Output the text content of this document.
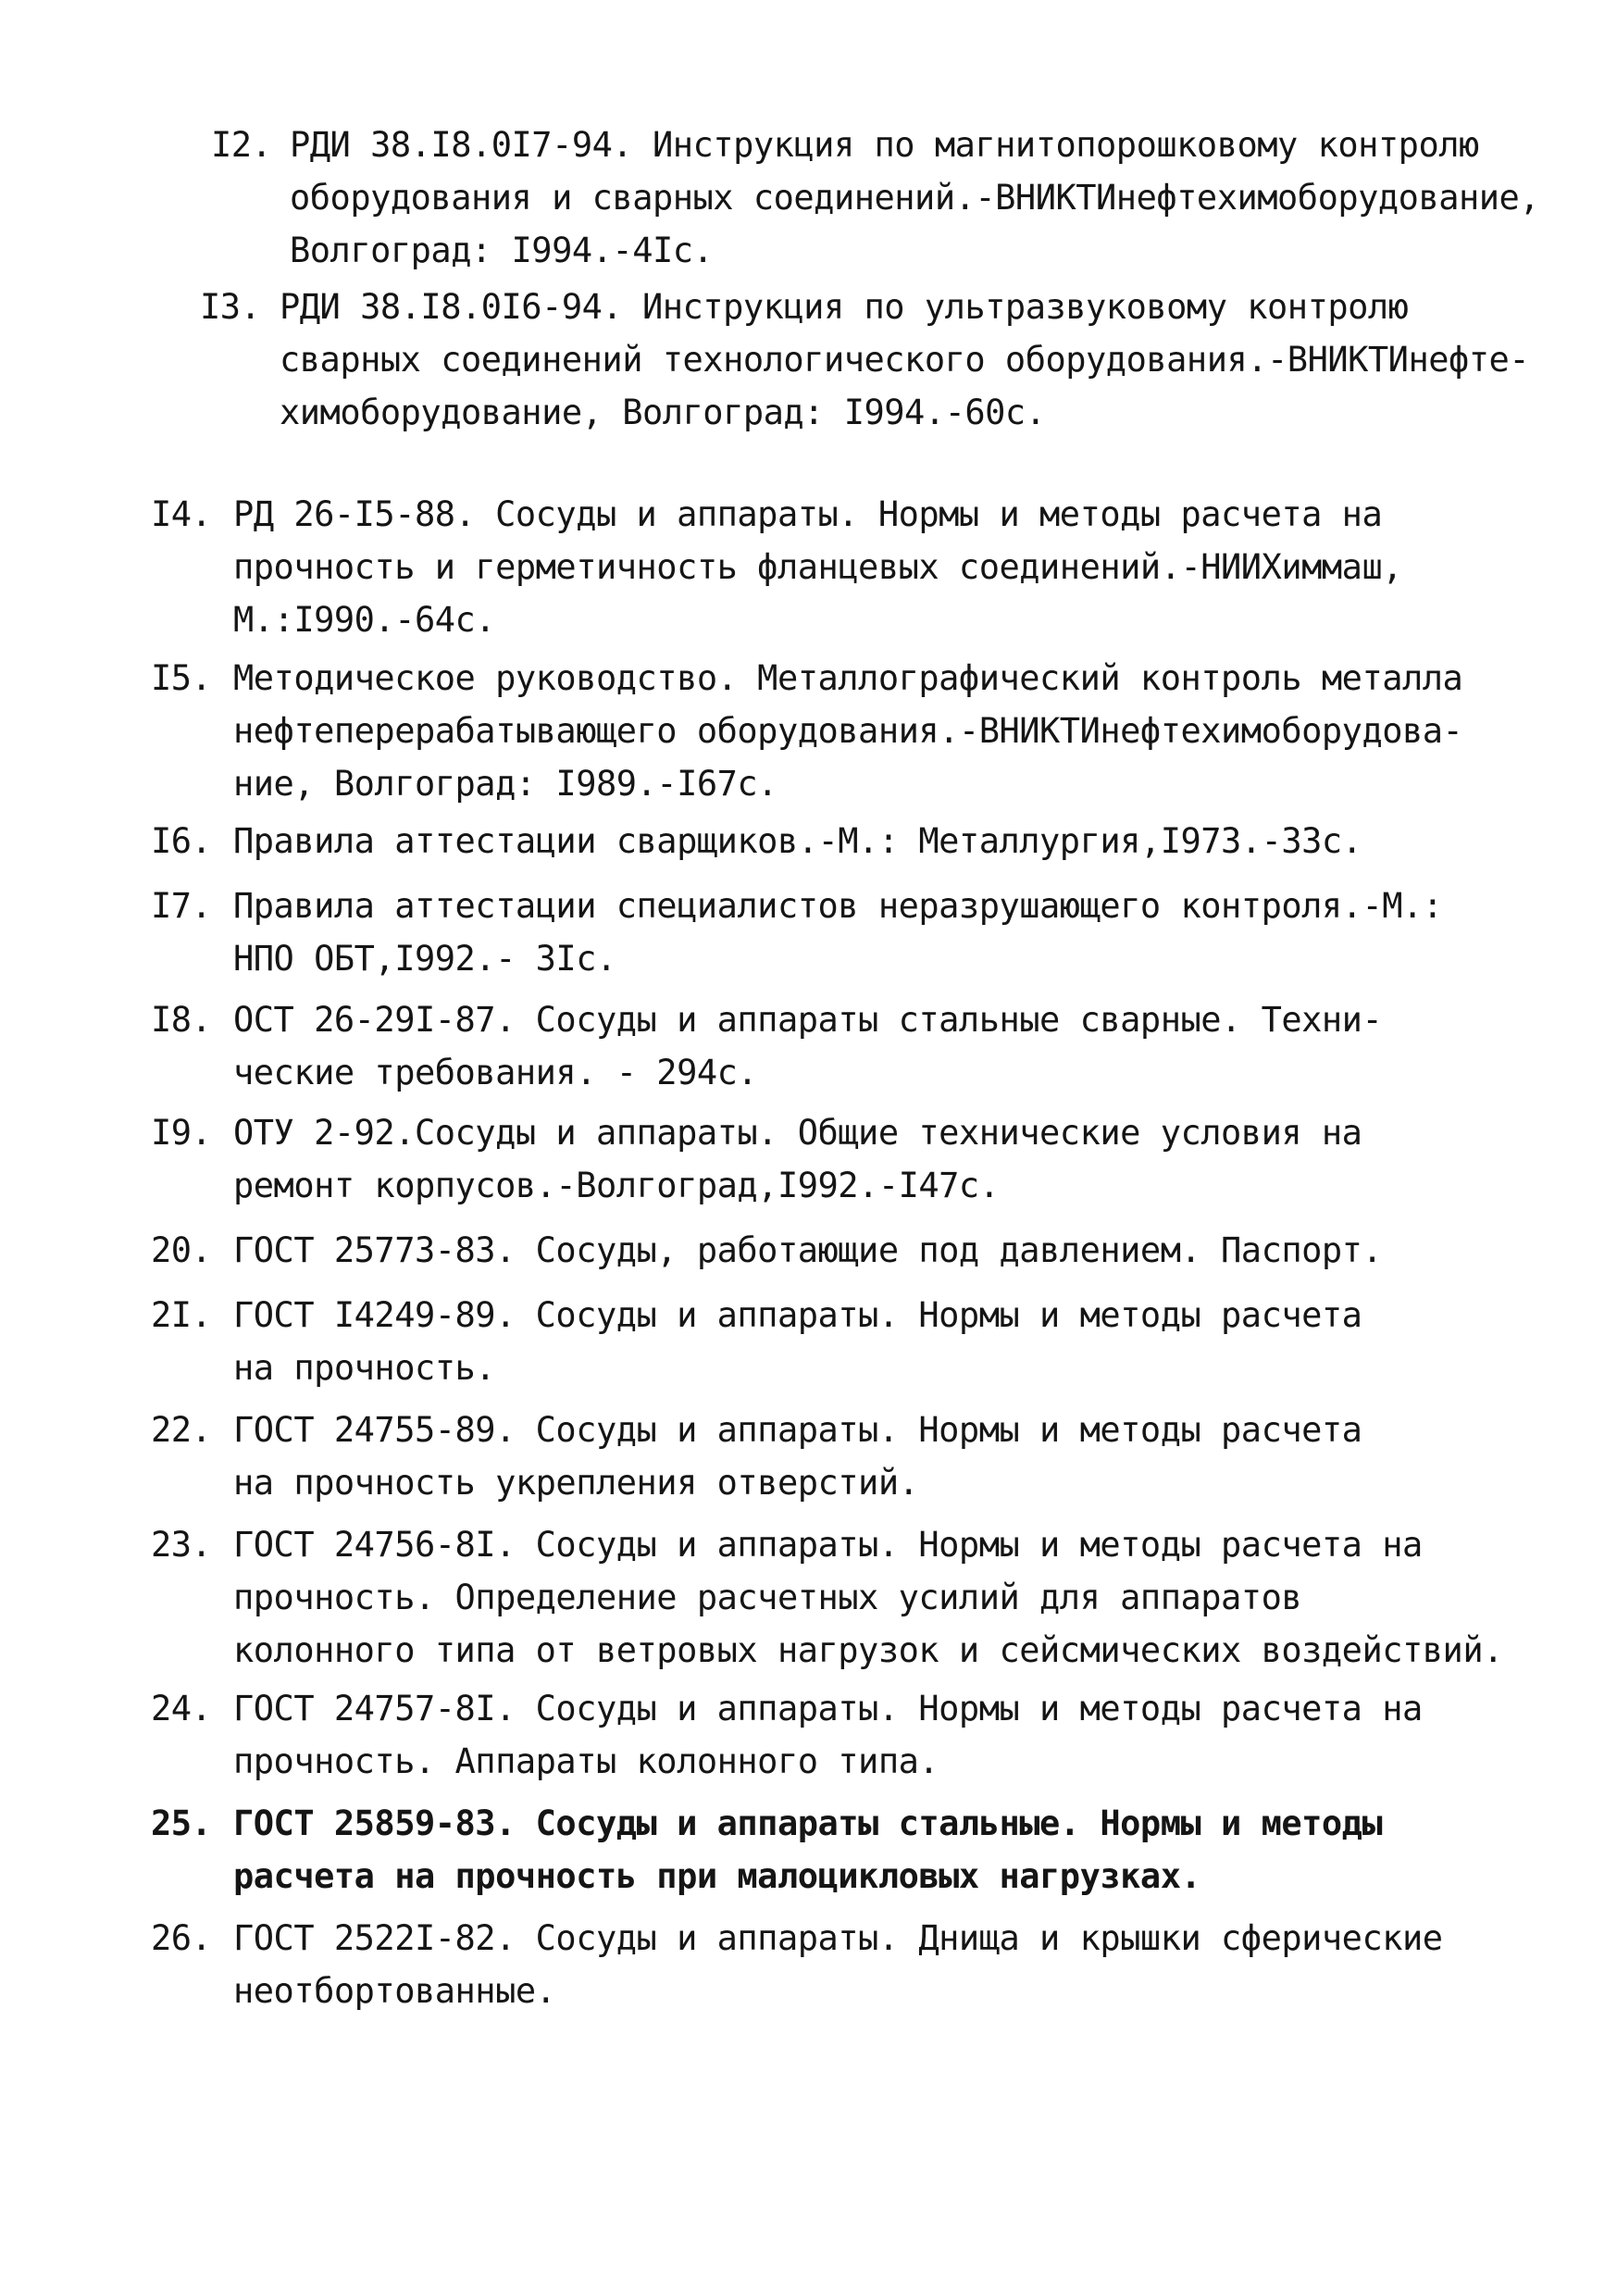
I2. РДИ 38.I8.0I7-94. Инструкция по магнитопорошковому контролю
оборудования и сварных соединений.-ВНИКТИнефтехимоборудование,
Волгоград: I994.-4Iс.
I3. РДИ 38.I8.0I6-94. Инструкция по ультразвуковому контролю
сварных соединений технологического оборудования.-ВНИКТИнефте-
химоборудование, Волгоград: I994.-60с.
I4. РД 26-I5-88. Сосуды и аппараты. Нормы и методы расчета на
прочность и герметичность фланцевых соединений.-НИИХиммаш,
М.:I990.-64с.
I5. Методическое руководство. Металлографический контроль металла
нефтеперерабатывающего оборудования.-ВНИКТИнефтехимоборудова-
ние, Волгоград: I989.-I67с.
I6. Правила аттестации сварщиков.-М.: Металлургия,I973.-33с.
I7. Правила аттестации специалистов неразрушающего контроля.-М.:
НПО ОБТ,I992.- 3Iс.
I8. ОСТ 26-29I-87. Сосуды и аппараты стальные сварные. Техни-
ческие требования. - 294с.
I9. ОТУ 2-92.Сосуды и аппараты. Общие технические условия на
ремонт корпусов.-Волгоград,I992.-I47с.
20. ГОСТ 25773-83. Сосуды, работающие под давлением. Паспорт.
2I. ГОСТ I4249-89. Сосуды и аппараты. Нормы и методы расчета
на прочность.
22. ГОСТ 24755-89. Сосуды и аппараты. Нормы и методы расчета
на прочность укрепления отверстий.
23. ГОСТ 24756-8I. Сосуды и аппараты. Нормы и методы расчета на
прочность. Определение расчетных усилий для аппаратов
колонного типа от ветровых нагрузок и сейсмических воздействий.
24. ГОСТ 24757-8I. Сосуды и аппараты. Нормы и методы расчета на
прочность. Аппараты колонного типа.
25. ГОСТ 25859-83. Сосуды и аппараты стальные. Нормы и методы
расчета на прочность при малоцикловых нагрузках.
26. ГОСТ 2522I-82. Сосуды и аппараты. Днища и крышки сферические
неотбортованные.
